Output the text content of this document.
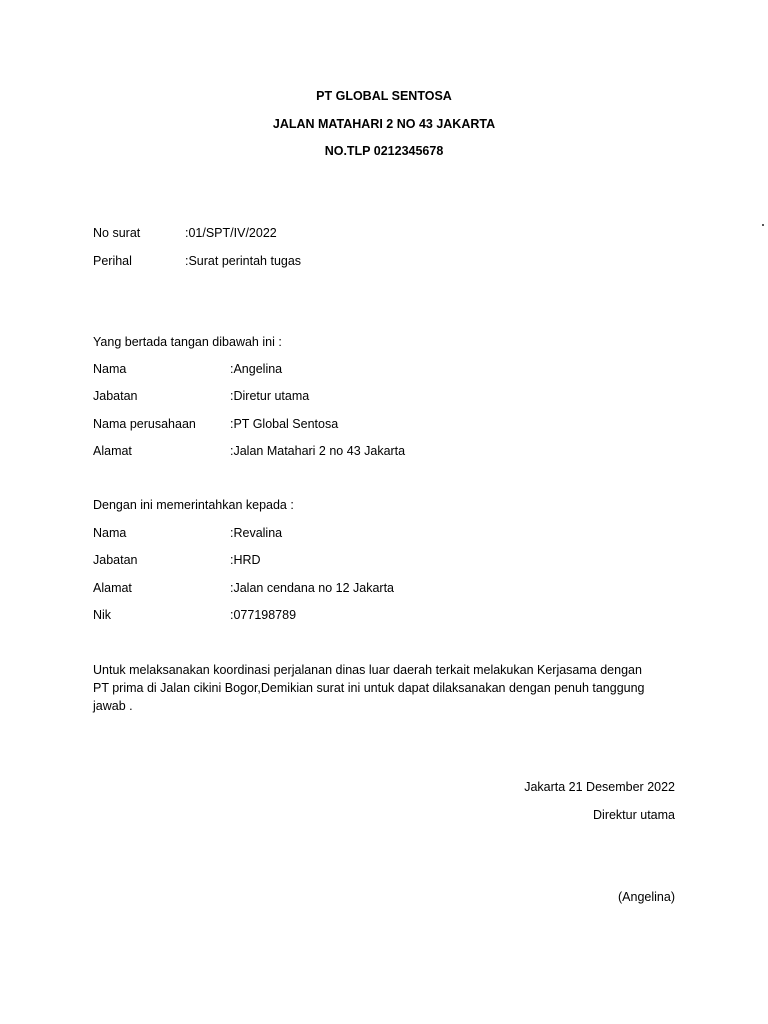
PT GLOBAL SENTOSA
JALAN MATAHARI 2 NO 43 JAKARTA
NO.TLP 0212345678
No surat	:01/SPT/IV/2022
Perihal	:Surat perintah tugas
Yang bertada tangan dibawah ini :
Nama	:Angelina
Jabatan	:Diretur utama
Nama perusahaan	:PT Global Sentosa
Alamat	:Jalan Matahari 2 no 43 Jakarta
Dengan ini memerintahkan kepada :
Nama	:Revalina
Jabatan	:HRD
Alamat	:Jalan cendana no 12 Jakarta
Nik	:077198789
Untuk melaksanakan koordinasi perjalanan dinas luar daerah terkait melakukan Kerjasama dengan
PT prima di Jalan cikini Bogor,Demikian surat ini untuk dapat dilaksanakan dengan penuh tanggung
jawab .
Jakarta 21 Desember 2022
Direktur utama
(Angelina)
